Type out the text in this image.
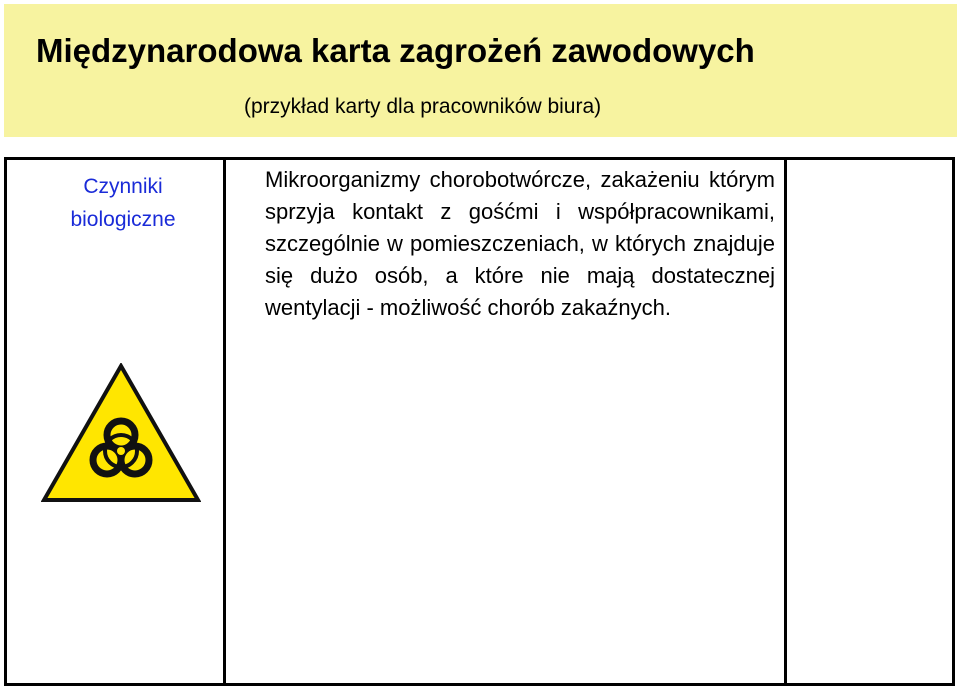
Międzynarodowa karta zagrożeń zawodowych

(przykład karty dla pracowników biura)

Czynniki biologiczne

Mikroorganizmy chorobotwórcze, zakażeniu którym sprzyja kontakt z gośćmi i współpracownikami, szczególnie w pomieszczeniach, w których znajduje się dużo osób, a które nie mają dostatecznej wentylacji - możliwość chorób zakaźnych.
